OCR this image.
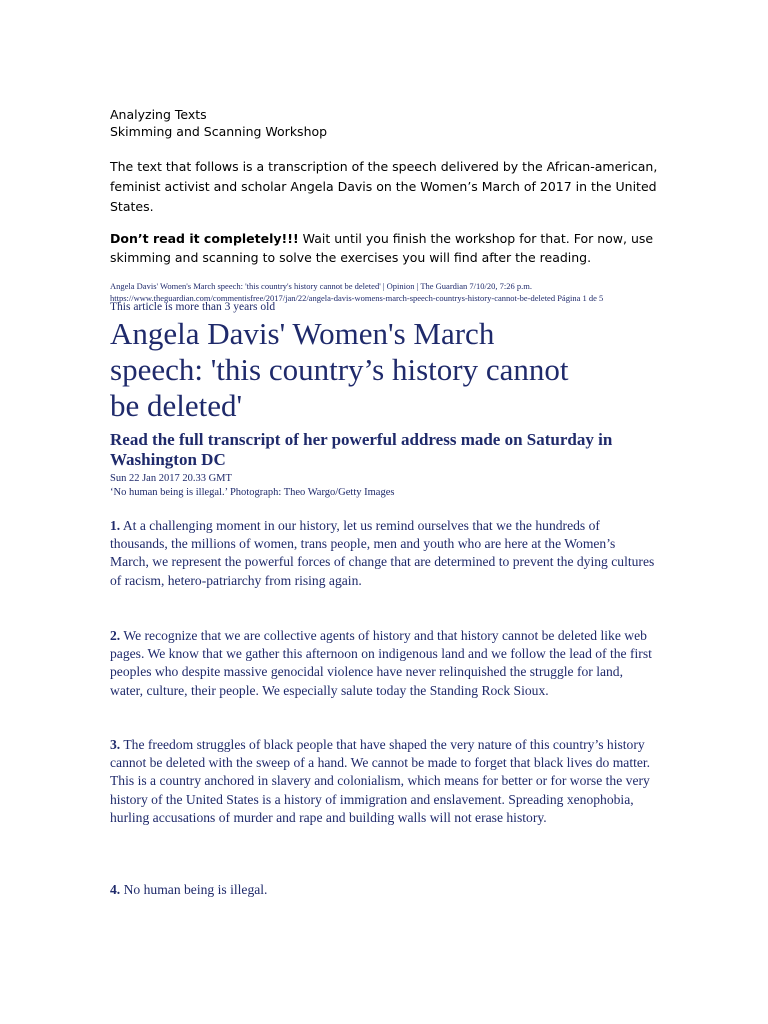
Analyzing Texts
Skimming and Scanning Workshop
The text that follows is a transcription of the speech delivered by the African-american, feminist activist and scholar Angela Davis on the Women’s March of 2017 in the United States.
Don’t read it completely!!! Wait until you finish the workshop for that. For now, use skimming and scanning to solve the exercises you will find after the reading.
Angela Davis' Women's March speech: 'this country's history cannot be deleted' | Opinion | The Guardian 7/10/20, 7:26 p.m.
https://www.theguardian.com/commentisfree/2017/jan/22/angela-davis-womens-march-speech-countrys-history-cannot-be-deleted Página 1 de 5
This article is more than 3 years old
Angela Davis' Women's March speech: 'this country’s history cannot be deleted'
Read the full transcript of her powerful address made on Saturday in Washington DC
Sun 22 Jan 2017 20.33 GMT
‘No human being is illegal.’ Photograph: Theo Wargo/Getty Images

1. At a challenging moment in our history, let us remind ourselves that we the hundreds of thousands, the millions of women, trans people, men and youth who are here at the Women’s March, we represent the powerful forces of change that are determined to prevent the dying cultures of racism, hetero-patriarchy from rising again.

2. We recognize that we are collective agents of history and that history cannot be deleted like web pages. We know that we gather this afternoon on indigenous land and we follow the lead of the first peoples who despite massive genocidal violence have never relinquished the struggle for land, water, culture, their people. We especially salute today the Standing Rock Sioux.

3. The freedom struggles of black people that have shaped the very nature of this country’s history cannot be deleted with the sweep of a hand. We cannot be made to forget that black lives do matter. This is a country anchored in slavery and colonialism, which means for better or for worse the very history of the United States is a history of immigration and enslavement. Spreading xenophobia, hurling accusations of murder and rape and building walls will not erase history.

4. No human being is illegal.
